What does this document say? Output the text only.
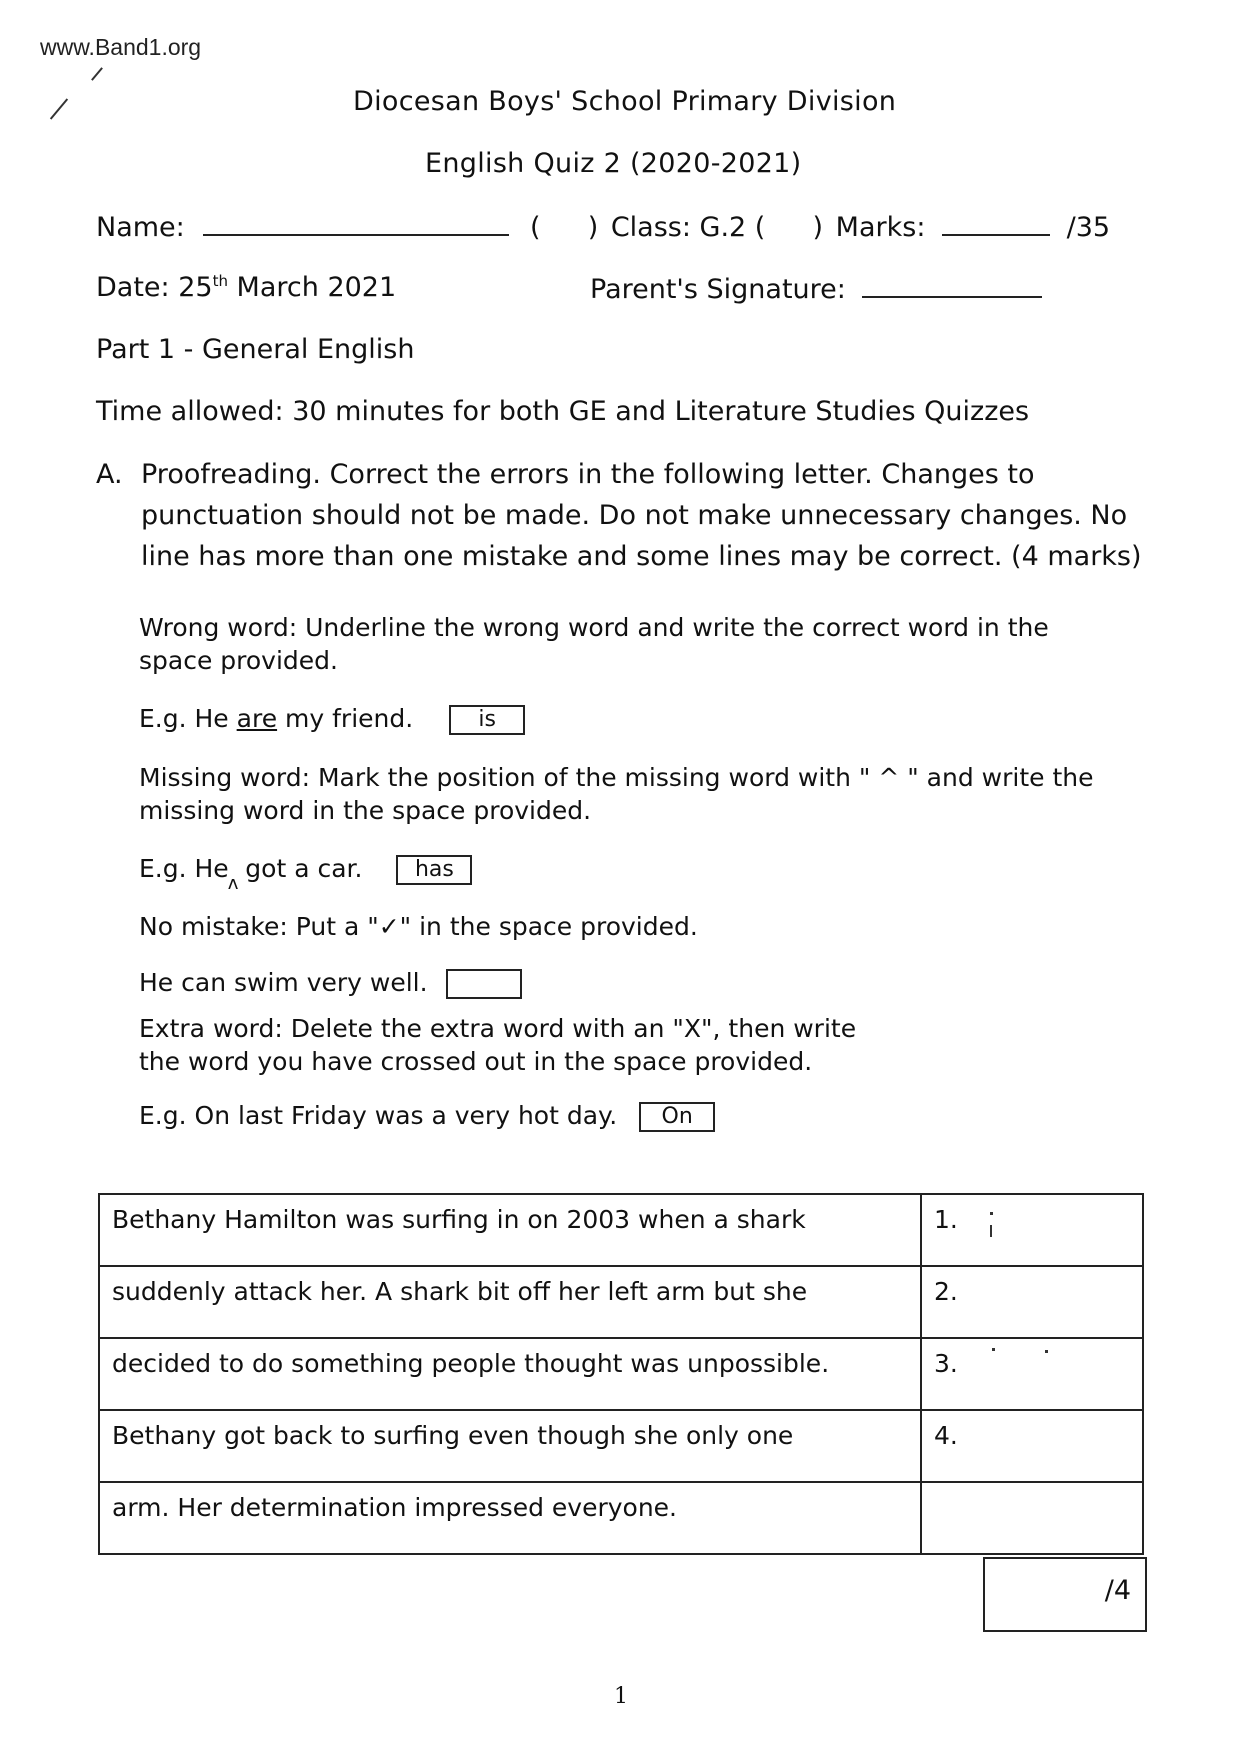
www.Band1.org
Diocesan Boys' School Primary Division
English Quiz 2 (2020-2021)
Name:	( ) Class: G.2 ( ) Marks:	/35
Date: 25th March 2021	Parent's Signature:
Part 1 - General English
Time allowed: 30 minutes for both GE and Literature Studies Quizzes
A. Proofreading. Correct the errors in the following letter. Changes to
punctuation should not be made. Do not make unnecessary changes. No
line has more than one mistake and some lines may be correct. (4 marks)
Wrong word: Underline the wrong word and write the correct word in the
space provided.
E.g. He are my friend.	is
Missing word: Mark the position of the missing word with " ^ " and write the
missing word in the space provided.
E.g. $He_ʌ$ got a car. has
No mistake: Put a "✓" in the space provided.
He can swim very well.
Extra word: Delete the extra word with an "X", then write
the word you have crossed out in the space provided.
E.g. On last Friday was a very hot day. On
Bethany Hamilton was surfing in on 2003 when a shark	1.
suddenly attack her. A shark bit off her left arm but she	2.
decided to do something people thought was unpossible.	3.
Bethany got back to surfing even though she only one	4.
arm. Her determination impressed everyone.	
/4
1
